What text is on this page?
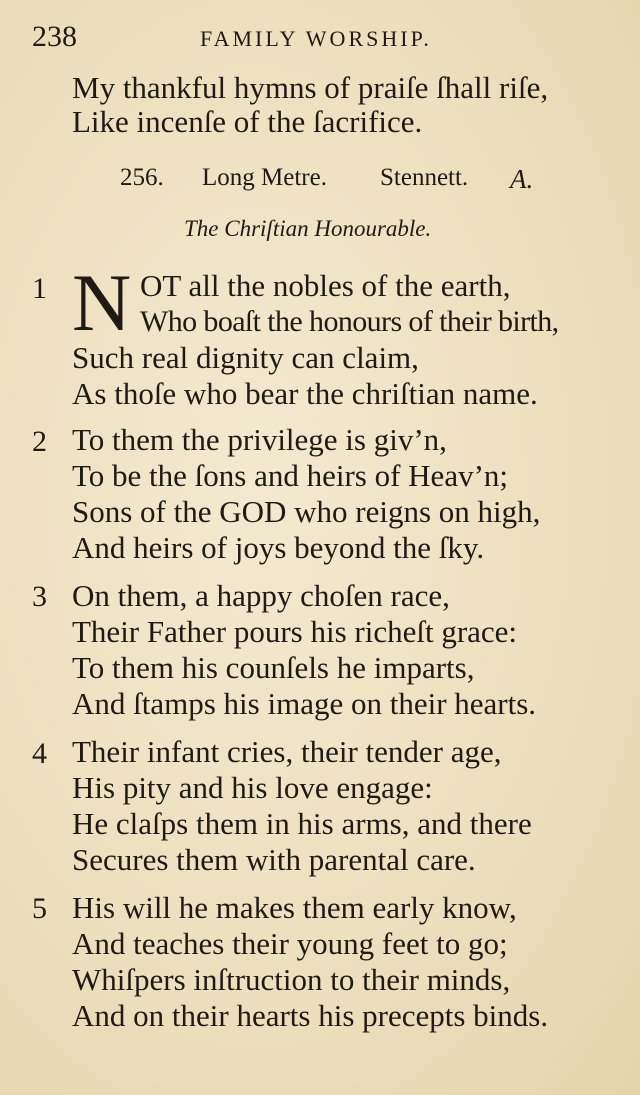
238	FAMILY WORSHIP.
My thankful hymns of praiſe ſhall riſe,
Like incenſe of the ſacrifice.
256. Long Metre. Stennett. A.
The Chriſtian Honourable.
1 N OT all the nobles of the earth,
Who boaſt the honours of their birth,
Such real dignity can claim,
As thoſe who bear the chriſtian name.
2 To them the privilege is giv’n,
To be the ſons and heirs of Heav’n;
Sons of the GOD who reigns on high,
And heirs of joys beyond the ſky.
3 On them, a happy choſen race,
Their Father pours his richeſt grace:
To them his counſels he imparts,
And ſtamps his image on their hearts.
4 Their infant cries, their tender age,
His pity and his love engage:
He claſps them in his arms, and there
Secures them with parental care.
5 His will he makes them early know,
And teaches their young feet to go;
Whiſpers inſtruction to their minds,
And on their hearts his precepts binds.
